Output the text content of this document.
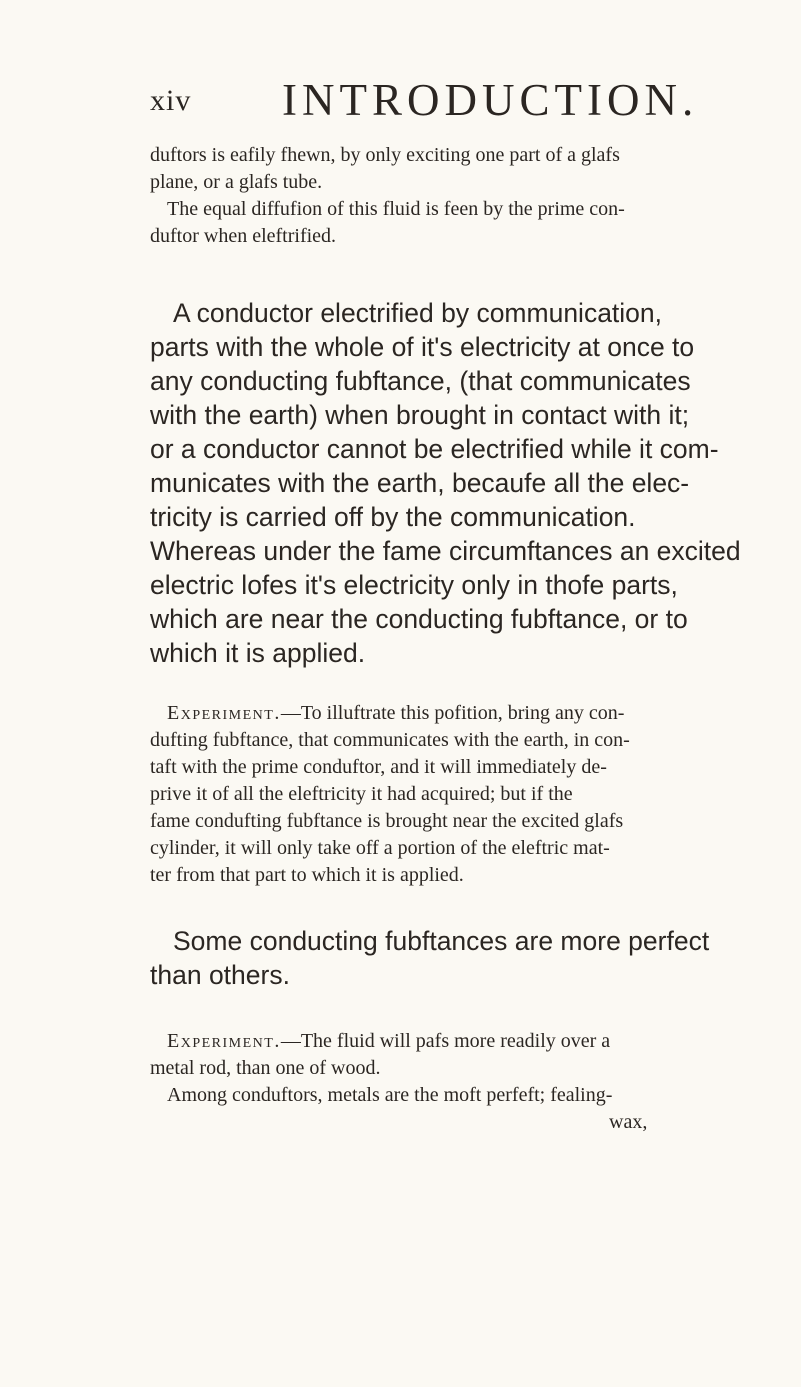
xiv INTRODUCTION.
duftors is eafily fhewn, by only exciting one part of a glafs
plane, or a glafs tube.
The equal diffufion of this fluid is feen by the prime con-
duftor when eleftrified.
A conductor electrified by communication,
parts with the whole of it's electricity at once to
any conducting fubftance, (that communicates
with the earth) when brought in contact with it;
or a conductor cannot be electrified while it com-
municates with the earth, becaufe all the elec-
tricity is carried off by the communication.
Whereas under the fame circumftances an excited
electric lofes it's electricity only in thofe parts,
which are near the conducting fubftance, or to
which it is applied.
Experiment.—To illuftrate this pofition, bring any con-
dufting fubftance, that communicates with the earth, in con-
taft with the prime conduftor, and it will immediately de-
prive it of all the eleftricity it had acquired; but if the
fame condufting fubftance is brought near the excited glafs
cylinder, it will only take off a portion of the eleftric mat-
ter from that part to which it is applied.
Some conducting fubftances are more perfect
than others.
Experiment.—The fluid will pafs more readily over a
metal rod, than one of wood.
Among conduftors, metals are the moft perfeft; fealing-
wax,
